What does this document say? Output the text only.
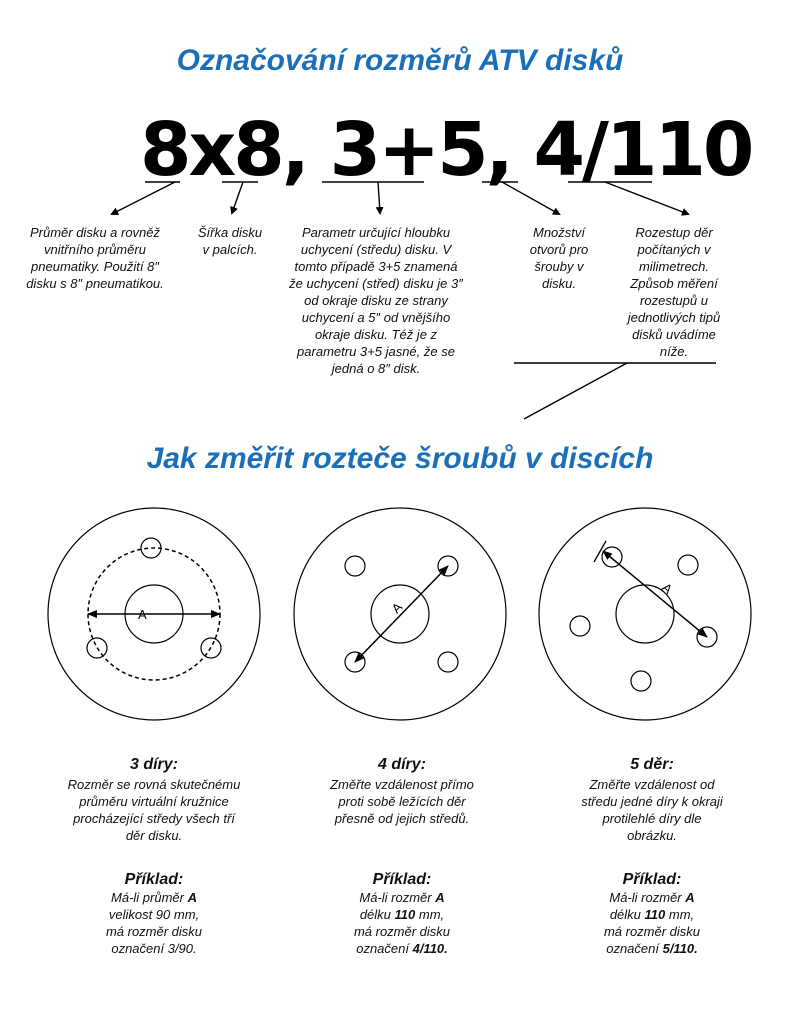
Označování rozměrů ATV disků
8x8, 3+5, 4/110
Průměr disku a rovněž vnitřního průměru pneumatiky. Použití 8″ disku s 8″ pneumatikou.
Šířka disku v palcích.
Parametr určující hloubku uchycení (středu) disku. V tomto případě 3+5 znamená že uchycení (střed) disku je 3″ od okraje disku ze strany uchycení a 5″ od vnějšího okraje disku. Též je z parametru 3+5 jasné, že se jedná o 8″ disk.
Množství otvorů pro šrouby v disku.
Rozestup děr počítaných v milimetrech. Způsob měření rozestupů u jednotlivých tipů disků uvádíme níže.
Jak změřit rozteče šroubů v discích
A	A
A
3 díry:
Rozměr se rovná skutečnému průměru virtuální kružnice procházející středy všech tří děr disku.
Příklad:
Má-li průměr A
velikost 90 mm,
má rozměr disku
označení 3/90.
4 díry:
Změřte vzdálenost přímo proti sobě ležících děr přesně od jejich středů.
Příklad:
Má-li rozměr A
délku 110 mm,
má rozměr disku
označení 4/110.
5 děr:
Změřte vzdálenost od středu jedné díry k okraji protilehlé díry dle obrázku.
Příklad:
Má-li rozměr A
délku 110 mm,
má rozměr disku
označení 5/110.
